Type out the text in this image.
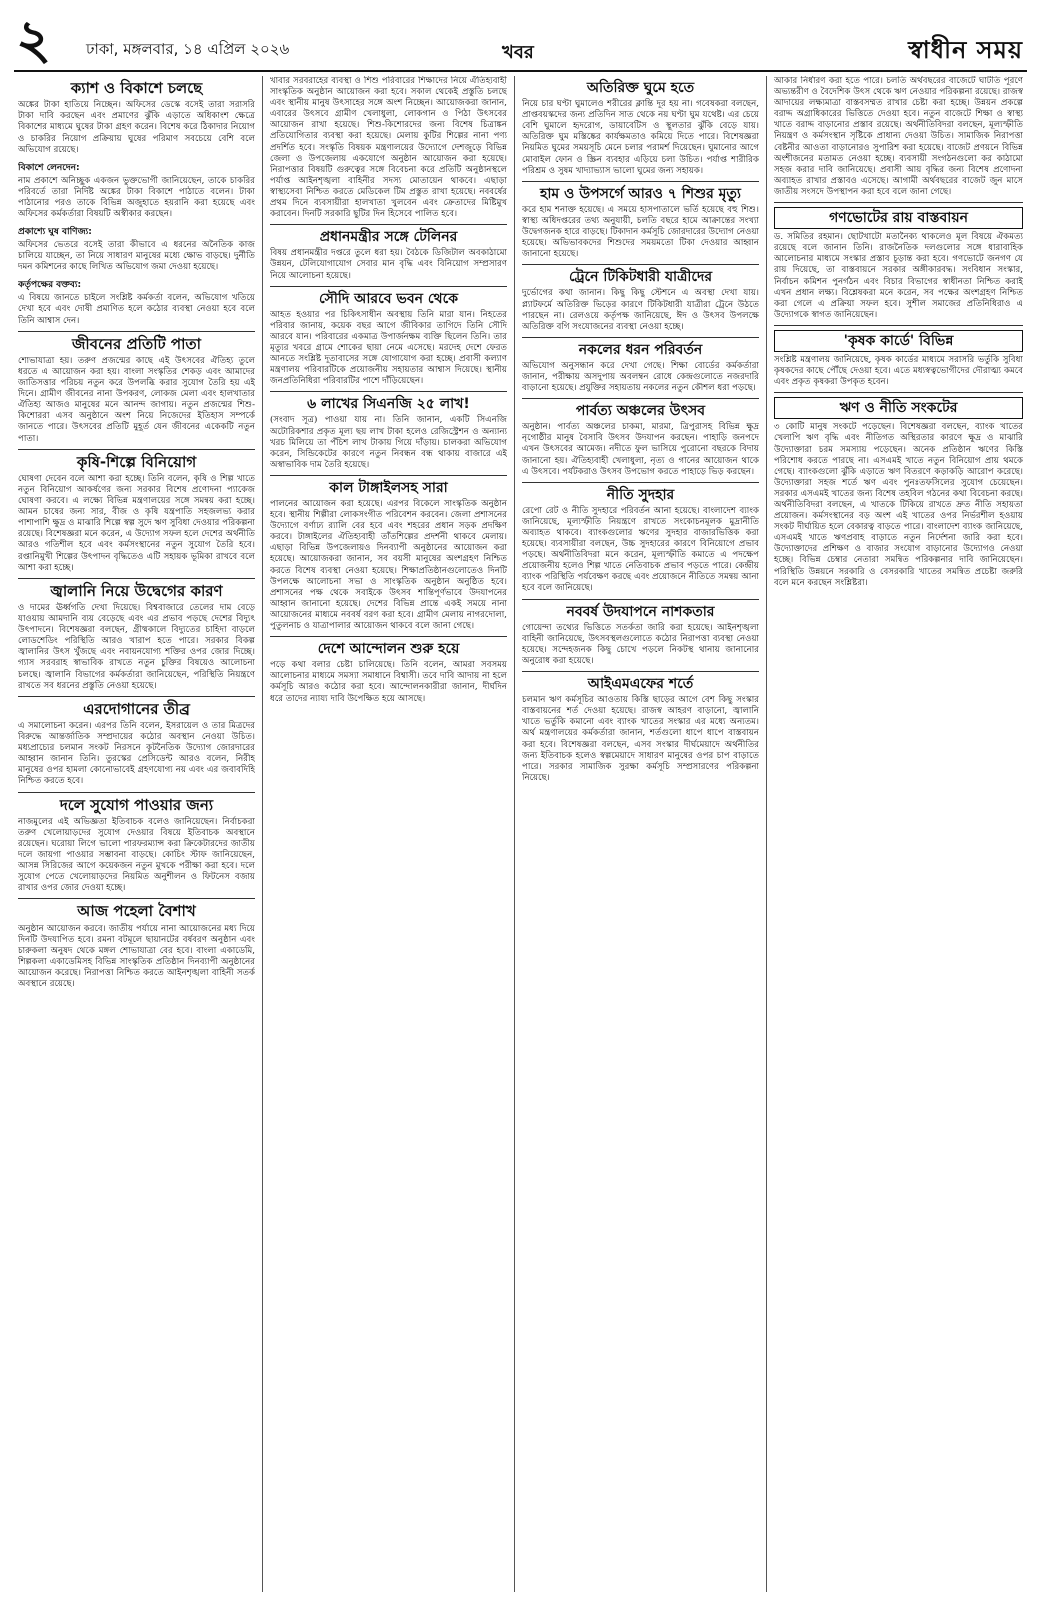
২ ঢাকা, মঙ্গলবার, ১৪ এপ্রিল ২০২৬	খবর	স্বাধীন সময়
ক্যাশ ও বিকাশে চলছে
অঙ্কের টাকা হাতিয়ে নিচ্ছেন। অফিসের ডেস্কে বসেই তারা সরাসরি টাকা দাবি করছেন এবং প্রমাণের ঝুঁকি এড়াতে অধিকাংশ ক্ষেত্রে বিকাশের মাধ্যমে ঘুষের টাকা গ্রহণ করেন। বিশেষ করে ঠিকাদার নিয়োগ ও চাকরির নিয়োগ প্রক্রিয়ায় ঘুষের পরিমাণ সবচেয়ে বেশি বলে অভিযোগ রয়েছে।
বিকাশে লেনদেন:
নাম প্রকাশে অনিচ্ছুক একজন ভুক্তভোগী জানিয়েছেন, তাকে চাকরির পরিবর্তে তারা নির্দিষ্ট অঙ্কের টাকা বিকাশে পাঠাতে বলেন। টাকা পাঠানোর পরও তাকে বিভিন্ন অজুহাতে হয়রানি করা হয়েছে এবং অফিসের কর্মকর্তারা বিষয়টি অস্বীকার করছেন।
প্রকাশ্যে ঘুষ বাণিজ্য:
অফিসের ভেতরে বসেই তারা কীভাবে এ ধরনের অনৈতিক কাজ চালিয়ে যাচ্ছেন, তা নিয়ে সাধারণ মানুষের মধ্যে ক্ষোভ বাড়ছে। দুর্নীতি দমন কমিশনের কাছে লিখিত অভিযোগ জমা দেওয়া হয়েছে।
কর্তৃপক্ষের বক্তব্য:
এ বিষয়ে জানতে চাইলে সংশ্লিষ্ট কর্মকর্তা বলেন, অভিযোগ খতিয়ে দেখা হবে এবং দোষী প্রমাণিত হলে কঠোর ব্যবস্থা নেওয়া হবে বলে তিনি আশ্বাস দেন।
জীবনের প্রতিটি পাতা
শোভাযাত্রা হয়। তরুণ প্রজন্মের কাছে এই উৎসবের ঐতিহ্য তুলে ধরতে এ আয়োজন করা হয়। বাংলা সংস্কৃতির শেকড় এবং আমাদের জাতিসত্তার পরিচয় নতুন করে উপলব্ধি করার সুযোগ তৈরি হয় এই দিনে। গ্রামীণ জীবনের নানা উপকরণ, লোকজ মেলা এবং হালখাতার ঐতিহ্য আজও মানুষের মনে আনন্দ জাগায়। নতুন প্রজন্মের শিশু-কিশোররা এসব অনুষ্ঠানে অংশ নিয়ে নিজেদের ইতিহাস সম্পর্কে জানতে পারে। উৎসবের প্রতিটি মুহূর্ত যেন জীবনের একেকটি নতুন পাতা।
কৃষি-শিল্পে বিনিয়োগ
ঘোষণা দেবেন বলে আশা করা হচ্ছে। তিনি বলেন, কৃষি ও শিল্প খাতে নতুন বিনিয়োগ আকর্ষণের জন্য সরকার বিশেষ প্রণোদনা প্যাকেজ ঘোষণা করবে। এ লক্ষ্যে বিভিন্ন মন্ত্রণালয়ের সঙ্গে সমন্বয় করা হচ্ছে। আমন চাষের জন্য সার, বীজ ও কৃষি যন্ত্রপাতি সহজলভ্য করার পাশাপাশি ক্ষুদ্র ও মাঝারি শিল্পে স্বল্প সুদে ঋণ সুবিধা দেওয়ার পরিকল্পনা রয়েছে। বিশেষজ্ঞরা মনে করেন, এ উদ্যোগ সফল হলে দেশের অর্থনীতি আরও গতিশীল হবে এবং কর্মসংস্থানের নতুন সুযোগ তৈরি হবে। রপ্তানিমুখী শিল্পের উৎপাদন বৃদ্ধিতেও এটি সহায়ক ভূমিকা রাখবে বলে আশা করা হচ্ছে।
জ্বালানি নিয়ে উদ্বেগের কারণ
ও দামের ঊর্ধ্বগতি দেখা দিয়েছে। বিশ্ববাজারে তেলের দাম বেড়ে যাওয়ায় আমদানি ব্যয় বেড়েছে এবং এর প্রভাব পড়ছে দেশের বিদ্যুৎ উৎপাদনে। বিশেষজ্ঞরা বলছেন, গ্রীষ্মকালে বিদ্যুতের চাহিদা বাড়লে লোডশেডিং পরিস্থিতি আরও খারাপ হতে পারে। সরকার বিকল্প জ্বালানির উৎস খুঁজছে এবং নবায়নযোগ্য শক্তির ওপর জোর দিচ্ছে। গ্যাস সরবরাহ স্বাভাবিক রাখতে নতুন চুক্তির বিষয়েও আলোচনা চলছে। জ্বালানি বিভাগের কর্মকর্তারা জানিয়েছেন, পরিস্থিতি নিয়ন্ত্রণে রাখতে সব ধরনের প্রস্তুতি নেওয়া হয়েছে।
এরদোগানের তীব্র
এ সমালোচনা করেন। এরপর তিনি বলেন, ইসরায়েল ও তার মিত্রদের বিরুদ্ধে আন্তর্জাতিক সম্প্রদায়ের কঠোর অবস্থান নেওয়া উচিত। মধ্যপ্রাচ্যের চলমান সংকট নিরসনে কূটনৈতিক উদ্যোগ জোরদারের আহ্বান জানান তিনি। তুরস্কের প্রেসিডেন্ট আরও বলেন, নিরীহ মানুষের ওপর হামলা কোনোভাবেই গ্রহণযোগ্য নয় এবং এর জবাবদিহি নিশ্চিত করতে হবে।
দলে সুযোগ পাওয়ার জন্য
নাজমুলের এই অভিজ্ঞতা ইতিবাচক বলেও জানিয়েছেন। নির্বাচকরা তরুণ খেলোয়াড়দের সুযোগ দেওয়ার বিষয়ে ইতিবাচক অবস্থানে রয়েছেন। ঘরোয়া লিগে ভালো পারফরম্যান্স করা ক্রিকেটারদের জাতীয় দলে জায়গা পাওয়ার সম্ভাবনা বাড়ছে। কোচিং স্টাফ জানিয়েছেন, আসন্ন সিরিজের আগে কয়েকজন নতুন মুখকে পরীক্ষা করা হবে। দলে সুযোগ পেতে খেলোয়াড়দের নিয়মিত অনুশীলন ও ফিটনেস বজায় রাখার ওপর জোর দেওয়া হচ্ছে।
আজ পহেলা বৈশাখ
অনুষ্ঠান আয়োজন করবে। জাতীয় পর্যায়ে নানা আয়োজনের মধ্য দিয়ে দিনটি উদযাপিত হবে। রমনা বটমূলে ছায়ানটের বর্ষবরণ অনুষ্ঠান এবং চারুকলা অনুষদ থেকে মঙ্গল শোভাযাত্রা বের হবে। বাংলা একাডেমি, শিল্পকলা একাডেমিসহ বিভিন্ন সাংস্কৃতিক প্রতিষ্ঠান দিনব্যাপী অনুষ্ঠানের আয়োজন করেছে। নিরাপত্তা নিশ্চিত করতে আইনশৃঙ্খলা বাহিনী সতর্ক অবস্থানে রয়েছে।
খাবার সরবরাহের ব্যবস্থা ও শিশু পরিবারের শিক্ষাদের নিয়ে ঐতিহ্যবাহী সাংস্কৃতিক অনুষ্ঠান আয়োজন করা হবে। সকাল থেকেই প্রস্তুতি চলছে এবং স্থানীয় মানুষ উৎসাহের সঙ্গে অংশ নিচ্ছেন। আয়োজকরা জানান, এবারের উৎসবে গ্রামীণ খেলাধুলা, লোকগান ও পিঠা উৎসবের আয়োজন রাখা হয়েছে। শিশু-কিশোরদের জন্য বিশেষ চিত্রাঙ্কন প্রতিযোগিতার ব্যবস্থা করা হয়েছে। মেলায় কুটির শিল্পের নানা পণ্য প্রদর্শিত হবে। সংস্কৃতি বিষয়ক মন্ত্রণালয়ের উদ্যোগে দেশজুড়ে বিভিন্ন জেলা ও উপজেলায় একযোগে অনুষ্ঠান আয়োজন করা হয়েছে। নিরাপত্তার বিষয়টি গুরুত্বের সঙ্গে বিবেচনা করে প্রতিটি অনুষ্ঠানস্থলে পর্যাপ্ত আইনশৃঙ্খলা বাহিনীর সদস্য মোতায়েন থাকবে। এছাড়া স্বাস্থ্যসেবা নিশ্চিত করতে মেডিকেল টিম প্রস্তুত রাখা হয়েছে। নববর্ষের প্রথম দিনে ব্যবসায়ীরা হালখাতা খুলবেন এবং ক্রেতাদের মিষ্টিমুখ করাবেন। দিনটি সরকারি ছুটির দিন হিসেবে পালিত হবে।
প্রধানমন্ত্রীর সঙ্গে টেলিনর
বিষয় প্রধানমন্ত্রীর দপ্তরে তুলে ধরা হয়। বৈঠকে ডিজিটাল অবকাঠামো উন্নয়ন, টেলিযোগাযোগ সেবার মান বৃদ্ধি এবং বিনিয়োগ সম্প্রসারণ নিয়ে আলোচনা হয়েছে।
সৌদি আরবে ভবন থেকে
আহত হওয়ার পর চিকিৎসাধীন অবস্থায় তিনি মারা যান। নিহতের পরিবার জানায়, কয়েক বছর আগে জীবিকার তাগিদে তিনি সৌদি আরবে যান। পরিবারের একমাত্র উপার্জনক্ষম ব্যক্তি ছিলেন তিনি। তার মৃত্যুর খবরে গ্রামে শোকের ছায়া নেমে এসেছে। মরদেহ দেশে ফেরত আনতে সংশ্লিষ্ট দূতাবাসের সঙ্গে যোগাযোগ করা হচ্ছে। প্রবাসী কল্যাণ মন্ত্রণালয় পরিবারটিকে প্রয়োজনীয় সহায়তার আশ্বাস দিয়েছে। স্থানীয় জনপ্রতিনিধিরা পরিবারটির পাশে দাঁড়িয়েছেন।
৬ লাখের সিএনজি ২৫ লাখ!
(সংবাদ সূত্র) পাওয়া যায় না। তিনি জানান, একটি সিএনজি অটোরিকশার প্রকৃত মূল্য ছয় লাখ টাকা হলেও রেজিস্ট্রেশন ও অন্যান্য খরচ মিলিয়ে তা পঁচিশ লাখ টাকায় গিয়ে দাঁড়ায়। চালকরা অভিযোগ করেন, সিন্ডিকেটের কারণে নতুন নিবন্ধন বন্ধ থাকায় বাজারে এই অস্বাভাবিক দাম তৈরি হয়েছে।
কাল টাঙ্গাইলসহ সারা
পালনের আয়োজন করা হয়েছে। এরপর বিকেলে সাংস্কৃতিক অনুষ্ঠান হবে। স্থানীয় শিল্পীরা লোকসংগীত পরিবেশন করবেন। জেলা প্রশাসনের উদ্যোগে বর্ণাঢ্য র‍্যালি বের হবে এবং শহরের প্রধান সড়ক প্রদক্ষিণ করবে। টাঙ্গাইলের ঐতিহ্যবাহী তাঁতশিল্পের প্রদর্শনী থাকবে মেলায়। এছাড়া বিভিন্ন উপজেলায়ও দিনব্যাপী অনুষ্ঠানের আয়োজন করা হয়েছে। আয়োজকরা জানান, সব বয়সী মানুষের অংশগ্রহণ নিশ্চিত করতে বিশেষ ব্যবস্থা নেওয়া হয়েছে। শিক্ষাপ্রতিষ্ঠানগুলোতেও দিনটি উপলক্ষে আলোচনা সভা ও সাংস্কৃতিক অনুষ্ঠান অনুষ্ঠিত হবে। প্রশাসনের পক্ষ থেকে সবাইকে উৎসব শান্তিপূর্ণভাবে উদযাপনের আহ্বান জানানো হয়েছে। দেশের বিভিন্ন প্রান্তে একই সময়ে নানা আয়োজনের মাধ্যমে নববর্ষ বরণ করা হবে। গ্রামীণ মেলায় নাগরদোলা, পুতুলনাচ ও যাত্রাপালার আয়োজন থাকবে বলে জানা গেছে।
দেশে আন্দোলন শুরু হয়ে
পড়ে কথা বলার চেষ্টা চালিয়েছে। তিনি বলেন, আমরা সবসময় আলোচনার মাধ্যমে সমস্যা সমাধানে বিশ্বাসী। তবে দাবি আদায় না হলে কর্মসূচি আরও কঠোর করা হবে। আন্দোলনকারীরা জানান, দীর্ঘদিন ধরে তাদের ন্যায্য দাবি উপেক্ষিত হয়ে আসছে।
অতিরিক্ত ঘুমে হতে
নিয়ে চার ঘণ্টা ঘুমালেও শরীরের ক্লান্তি দূর হয় না। গবেষকরা বলছেন, প্রাপ্তবয়স্কদের জন্য প্রতিদিন সাত থেকে নয় ঘণ্টা ঘুম যথেষ্ট। এর চেয়ে বেশি ঘুমালে হৃদরোগ, ডায়াবেটিস ও স্থূলতার ঝুঁকি বেড়ে যায়। অতিরিক্ত ঘুম মস্তিষ্কের কার্যক্ষমতাও কমিয়ে দিতে পারে। বিশেষজ্ঞরা নিয়মিত ঘুমের সময়সূচি মেনে চলার পরামর্শ দিয়েছেন। ঘুমানোর আগে মোবাইল ফোন ও স্ক্রিন ব্যবহার এড়িয়ে চলা উচিত। পর্যাপ্ত শারীরিক পরিশ্রম ও সুষম খাদ্যাভ্যাস ভালো ঘুমের জন্য সহায়ক।
হাম ও উপসর্গে আরও ৭ শিশুর মৃত্যু
করে হাম শনাক্ত হয়েছে। এ সময়ে হাসপাতালে ভর্তি হয়েছে বহু শিশু। স্বাস্থ্য অধিদপ্তরের তথ্য অনুযায়ী, চলতি বছরে হামে আক্রান্তের সংখ্যা উদ্বেগজনক হারে বাড়ছে। টিকাদান কর্মসূচি জোরদারের উদ্যোগ নেওয়া হয়েছে। অভিভাবকদের শিশুদের সময়মতো টিকা দেওয়ার আহ্বান জানানো হয়েছে।
ট্রেনে টিকিটধারী যাত্রীদের
দুর্ভোগের কথা জানান। কিছু কিছু স্টেশনে এ অবস্থা দেখা যায়। প্ল্যাটফর্মে অতিরিক্ত ভিড়ের কারণে টিকিটধারী যাত্রীরা ট্রেনে উঠতে পারছেন না। রেলওয়ে কর্তৃপক্ষ জানিয়েছে, ঈদ ও উৎসব উপলক্ষে অতিরিক্ত বগি সংযোজনের ব্যবস্থা নেওয়া হচ্ছে।
নকলের ধরন পরিবর্তন
অভিযোগ অনুসন্ধান করে দেখা গেছে। শিক্ষা বোর্ডের কর্মকর্তারা জানান, পরীক্ষায় অসদুপায় অবলম্বন রোধে কেন্দ্রগুলোতে নজরদারি বাড়ানো হয়েছে। প্রযুক্তির সহায়তায় নকলের নতুন কৌশল ধরা পড়ছে।
পার্বত্য অঞ্চলের উৎসব
অনুষ্ঠান। পার্বত্য অঞ্চলের চাকমা, মারমা, ত্রিপুরাসহ বিভিন্ন ক্ষুদ্র নৃগোষ্ঠীর মানুষ বৈসাবি উৎসব উদযাপন করছেন। পাহাড়ি জনপদে এখন উৎসবের আমেজ। নদীতে ফুল ভাসিয়ে পুরোনো বছরকে বিদায় জানানো হয়। ঐতিহ্যবাহী খেলাধুলা, নৃত্য ও গানের আয়োজন থাকে এ উৎসবে। পর্যটকরাও উৎসব উপভোগ করতে পাহাড়ে ভিড় করছেন।
নীতি সুদহার
রেপো রেট ও নীতি সুদহারে পরিবর্তন আনা হয়েছে। বাংলাদেশ ব্যাংক জানিয়েছে, মূল্যস্ফীতি নিয়ন্ত্রণে রাখতে সংকোচনমূলক মুদ্রানীতি অব্যাহত থাকবে। ব্যাংকগুলোর ঋণের সুদহার বাজারভিত্তিক করা হয়েছে। ব্যবসায়ীরা বলছেন, উচ্চ সুদহারের কারণে বিনিয়োগে প্রভাব পড়ছে। অর্থনীতিবিদরা মনে করেন, মূল্যস্ফীতি কমাতে এ পদক্ষেপ প্রয়োজনীয় হলেও শিল্প খাতে নেতিবাচক প্রভাব পড়তে পারে। কেন্দ্রীয় ব্যাংক পরিস্থিতি পর্যবেক্ষণ করছে এবং প্রয়োজনে নীতিতে সমন্বয় আনা হবে বলে জানিয়েছে।
নববর্ষ উদযাপনে নাশকতার
গোয়েন্দা তথ্যের ভিত্তিতে সতর্কতা জারি করা হয়েছে। আইনশৃঙ্খলা বাহিনী জানিয়েছে, উৎসবস্থলগুলোতে কঠোর নিরাপত্তা ব্যবস্থা নেওয়া হয়েছে। সন্দেহজনক কিছু চোখে পড়লে নিকটস্থ থানায় জানানোর অনুরোধ করা হয়েছে।
আইএমএফের শর্তে
চলমান ঋণ কর্মসূচির আওতায় কিস্তি ছাড়ের আগে বেশ কিছু সংস্কার বাস্তবায়নের শর্ত দেওয়া হয়েছে। রাজস্ব আহরণ বাড়ানো, জ্বালানি খাতে ভর্তুকি কমানো এবং ব্যাংক খাতের সংস্কার এর মধ্যে অন্যতম। অর্থ মন্ত্রণালয়ের কর্মকর্তারা জানান, শর্তগুলো ধাপে ধাপে বাস্তবায়ন করা হবে। বিশেষজ্ঞরা বলছেন, এসব সংস্কার দীর্ঘমেয়াদে অর্থনীতির জন্য ইতিবাচক হলেও স্বল্পমেয়াদে সাধারণ মানুষের ওপর চাপ বাড়াতে পারে। সরকার সামাজিক সুরক্ষা কর্মসূচি সম্প্রসারণের পরিকল্পনা নিয়েছে।
আকার নির্ধারণ করা হতে পারে। চলতি অর্থবছরের বাজেটে ঘাটতি পূরণে অভ্যন্তরীণ ও বৈদেশিক উৎস থেকে ঋণ নেওয়ার পরিকল্পনা রয়েছে। রাজস্ব আদায়ের লক্ষ্যমাত্রা বাস্তবসম্মত রাখার চেষ্টা করা হচ্ছে। উন্নয়ন প্রকল্পে বরাদ্দ অগ্রাধিকারের ভিত্তিতে দেওয়া হবে। নতুন বাজেটে শিক্ষা ও স্বাস্থ্য খাতে বরাদ্দ বাড়ানোর প্রস্তাব রয়েছে। অর্থনীতিবিদরা বলছেন, মূল্যস্ফীতি নিয়ন্ত্রণ ও কর্মসংস্থান সৃষ্টিকে প্রাধান্য দেওয়া উচিত। সামাজিক নিরাপত্তা বেষ্টনীর আওতা বাড়ানোরও সুপারিশ করা হয়েছে। বাজেট প্রণয়নে বিভিন্ন অংশীজনের মতামত নেওয়া হচ্ছে। ব্যবসায়ী সংগঠনগুলো কর কাঠামো সহজ করার দাবি জানিয়েছে। প্রবাসী আয় বৃদ্ধির জন্য বিশেষ প্রণোদনা অব্যাহত রাখার প্রস্তাবও এসেছে। আগামী অর্থবছরের বাজেট জুন মাসে জাতীয় সংসদে উপস্থাপন করা হবে বলে জানা গেছে।
গণভোটের রায় বাস্তবায়ন
ড. সমিতির রহমান। ছোটখাটো মতানৈক্য থাকলেও মূল বিষয়ে ঐকমত্য রয়েছে বলে জানান তিনি। রাজনৈতিক দলগুলোর সঙ্গে ধারাবাহিক আলোচনার মাধ্যমে সংস্কার প্রস্তাব চূড়ান্ত করা হবে। গণভোটে জনগণ যে রায় দিয়েছে, তা বাস্তবায়নে সরকার অঙ্গীকারবদ্ধ। সংবিধান সংস্কার, নির্বাচন কমিশন পুনর্গঠন এবং বিচার বিভাগের স্বাধীনতা নিশ্চিত করাই এখন প্রধান লক্ষ্য। বিশ্লেষকরা মনে করেন, সব পক্ষের অংশগ্রহণ নিশ্চিত করা গেলে এ প্রক্রিয়া সফল হবে। সুশীল সমাজের প্রতিনিধিরাও এ উদ্যোগকে স্বাগত জানিয়েছেন।
'কৃষক কার্ডে' বিভিন্ন
সংশ্লিষ্ট মন্ত্রণালয় জানিয়েছে, কৃষক কার্ডের মাধ্যমে সরাসরি ভর্তুকি সুবিধা কৃষকদের কাছে পৌঁছে দেওয়া হবে। এতে মধ্যস্বত্বভোগীদের দৌরাত্ম্য কমবে এবং প্রকৃত কৃষকরা উপকৃত হবেন।
ঋণ ও নীতি সংকটের
৩ কোটি মানুষ সংকটে পড়েছেন। বিশেষজ্ঞরা বলছেন, ব্যাংক খাতের খেলাপি ঋণ বৃদ্ধি এবং নীতিগত অস্থিরতার কারণে ক্ষুদ্র ও মাঝারি উদ্যোক্তারা চরম সমস্যায় পড়েছেন। অনেক প্রতিষ্ঠান ঋণের কিস্তি পরিশোধ করতে পারছে না। এসএমই খাতে নতুন বিনিয়োগ প্রায় থমকে গেছে। ব্যাংকগুলো ঝুঁকি এড়াতে ঋণ বিতরণে কড়াকড়ি আরোপ করেছে। উদ্যোক্তারা সহজ শর্তে ঋণ এবং পুনঃতফসিলের সুযোগ চেয়েছেন। সরকার এসএমই খাতের জন্য বিশেষ তহবিল গঠনের কথা বিবেচনা করছে। অর্থনীতিবিদরা বলছেন, এ খাতকে টিকিয়ে রাখতে দ্রুত নীতি সহায়তা প্রয়োজন। কর্মসংস্থানের বড় অংশ এই খাতের ওপর নির্ভরশীল হওয়ায় সংকট দীর্ঘায়িত হলে বেকারত্ব বাড়তে পারে। বাংলাদেশ ব্যাংক জানিয়েছে, এসএমই খাতে ঋণপ্রবাহ বাড়াতে নতুন নির্দেশনা জারি করা হবে। উদ্যোক্তাদের প্রশিক্ষণ ও বাজার সংযোগ বাড়ানোর উদ্যোগও নেওয়া হচ্ছে। বিভিন্ন চেম্বার নেতারা সমন্বিত পরিকল্পনার দাবি জানিয়েছেন। পরিস্থিতি উন্নয়নে সরকারি ও বেসরকারি খাতের সমন্বিত প্রচেষ্টা জরুরি বলে মনে করছেন সংশ্লিষ্টরা।
